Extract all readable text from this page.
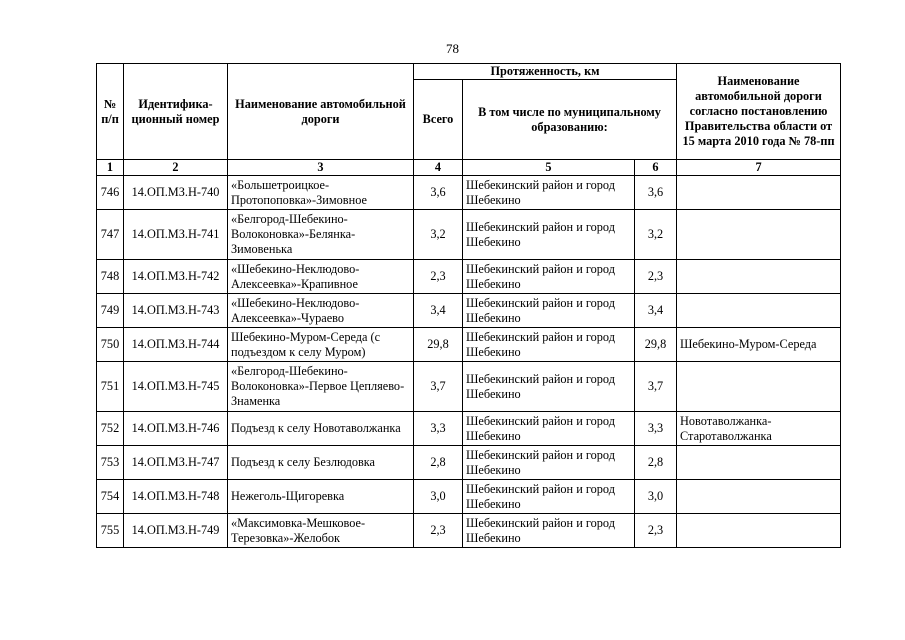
78
№ п/п	Идентифика-ционный номер	Наименование автомобильной дороги	Протяженность, км			Наименование автомобильной дороги согласно постановлению Правительства области от 15 марта 2010 года № 78-пп
			Всего	В том числе по муниципальному образованию:		
1	2	3	4	5	6	7
746	14.ОП.МЗ.Н-740	«Большетроицкое-Протопоповка»-Зимовное	3,6	Шебекинский район и город Шебекино	3,6	
747	14.ОП.МЗ.Н-741	«Белгород-Шебекино-Волоконовка»-Белянка-Зимовенька	3,2	Шебекинский район и город Шебекино	3,2	
748	14.ОП.МЗ.Н-742	«Шебекино-Неклюдово-Алексеевка»-Крапивное	2,3	Шебекинский район и город Шебекино	2,3	
749	14.ОП.МЗ.Н-743	«Шебекино-Неклюдово-Алексеевка»-Чураево	3,4	Шебекинский район и город Шебекино	3,4	
750	14.ОП.МЗ.Н-744	Шебекино-Муром-Середа (с подъездом к селу Муром)	29,8	Шебекинский район и город Шебекино	29,8	Шебекино-Муром-Середа
751	14.ОП.МЗ.Н-745	«Белгород-Шебекино-Волоконовка»-Первое Цепляево-Знаменка	3,7	Шебекинский район и город Шебекино	3,7	
752	14.ОП.МЗ.Н-746	Подъезд к селу Новотаволжанка	3,3	Шебекинский район и город Шебекино	3,3	Новотаволжанка-Старотаволжанка
753	14.ОП.МЗ.Н-747	Подъезд к селу Безлюдовка	2,8	Шебекинский район и город Шебекино	2,8	
754	14.ОП.МЗ.Н-748	Нежеголь-Щигоревка	3,0	Шебекинский район и город Шебекино	3,0	
755	14.ОП.МЗ.Н-749	«Максимовка-Мешковое-Терезовка»-Желобок	2,3	Шебекинский район и город Шебекино	2,3	
